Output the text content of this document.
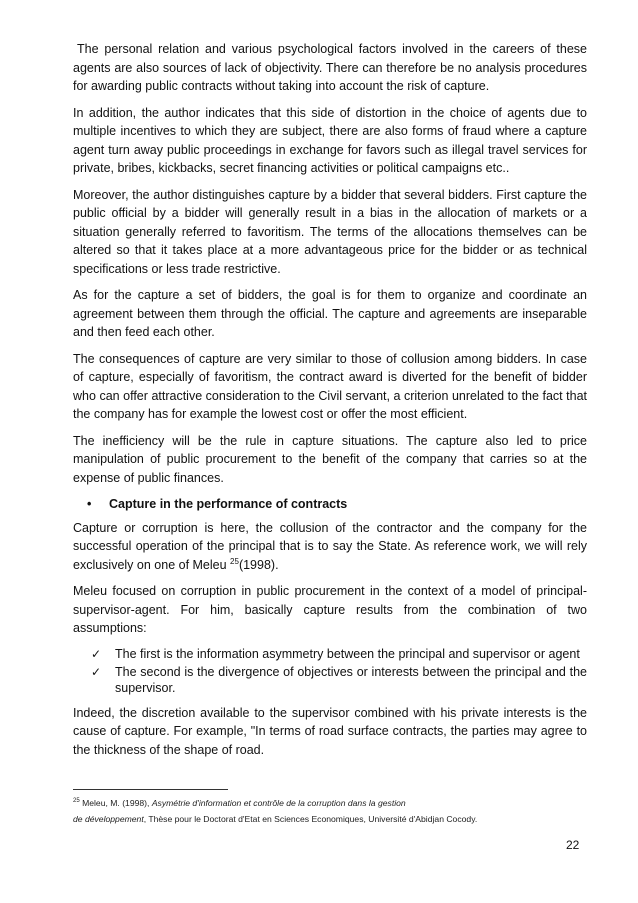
The personal relation and various psychological factors involved in the careers of these agents are also sources of lack of objectivity. There can therefore be no analysis procedures for awarding public contracts without taking into account the risk of capture.

In addition, the author indicates that this side of distortion in the choice of agents due to multiple incentives to which they are subject, there are also forms of fraud where a capture agent turn away public proceedings in exchange for favors such as illegal travel services for private, bribes, kickbacks, secret financing activities or political campaigns etc..

Moreover, the author distinguishes capture by a bidder that several bidders. First capture the public official by a bidder will generally result in a bias in the allocation of markets or a situation generally referred to favoritism. The terms of the allocations themselves can be altered so that it takes place at a more advantageous price for the bidder or as technical specifications or less trade restrictive.

As for the capture a set of bidders, the goal is for them to organize and coordinate an agreement between them through the official. The capture and agreements are inseparable and then feed each other.

The consequences of capture are very similar to those of collusion among bidders. In case of capture, especially of favoritism, the contract award is diverted for the benefit of bidder who can offer attractive consideration to the Civil servant, a criterion unrelated to the fact that the company has for example the lowest cost or offer the most efficient.

The inefficiency will be the rule in capture situations. The capture also led to price manipulation of public procurement to the benefit of the company that carries so at the expense of public finances.

•	Capture in the performance of contracts

Capture or corruption is here, the collusion of the contractor and the company for the successful operation of the principal that is to say the State. As reference work, we will rely exclusively on one of Meleu $^{25}$(1998).

Meleu focused on corruption in public procurement in the context of a model of principal-supervisor-agent. For him, basically capture results from the combination of two assumptions:

✓	The first is the information asymmetry between the principal and supervisor or agent
✓	The second is the divergence of objectives or interests between the principal and the supervisor.

Indeed, the discretion available to the supervisor combined with his private interests is the cause of capture. For example, "In terms of road surface contracts, the parties may agree to the thickness of the shape of road.

$^{25}$ Meleu, M. (1998), Asymétrie d'information et contrôle de la corruption dans la gestion
de développement, Thèse pour le Doctorat d'Etat en Sciences Economiques, Université d'Abidjan Cocody.
22
